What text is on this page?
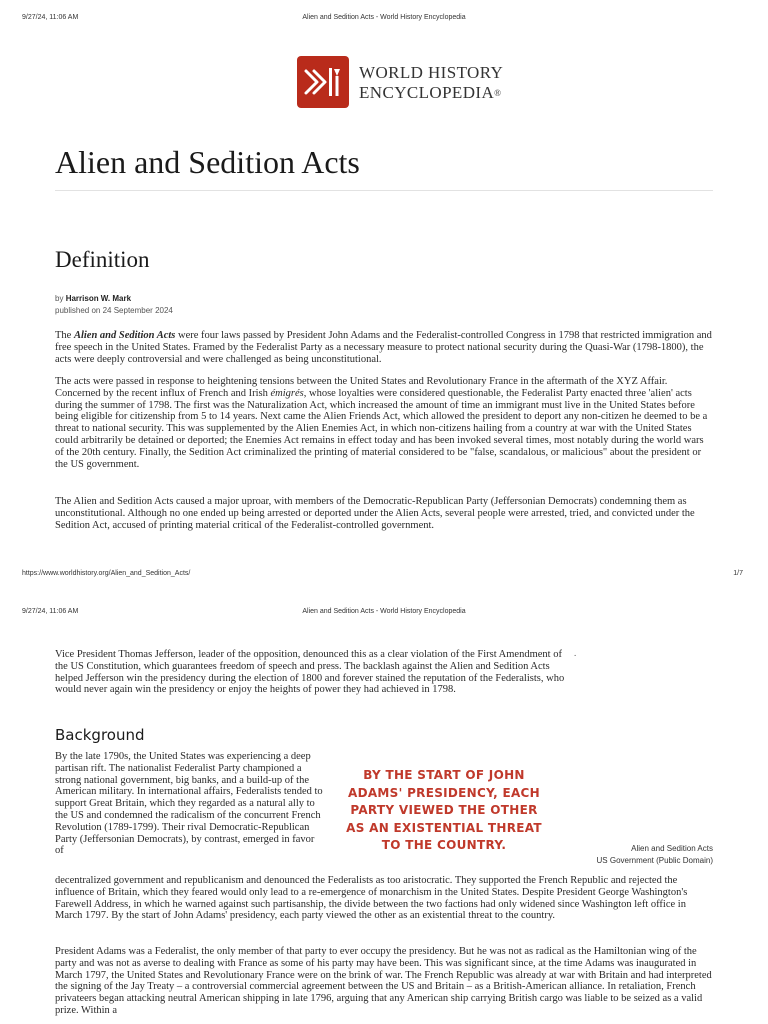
9/27/24, 11:06 AM	Alien and Sedition Acts - World History Encyclopedia
WORLD HISTORY
ENCYCLOPEDIA®
Alien and Sedition Acts
Definition
by Harrison W. Mark
published on 24 September 2024

The Alien and Sedition Acts were four laws passed by President John Adams and the Federalist-controlled Congress in 1798 that restricted immigration and free speech in the United States. Framed by the Federalist Party as a necessary measure to protect national security during the Quasi-War (1798-1800), the acts were deeply controversial and were challenged as being unconstitutional.

The acts were passed in response to heightening tensions between the United States and Revolutionary France in the aftermath of the XYZ Affair. Concerned by the recent influx of French and Irish émigrés, whose loyalties were considered questionable, the Federalist Party enacted three 'alien' acts during the summer of 1798. The first was the Naturalization Act, which increased the amount of time an immigrant must live in the United States before being eligible for citizenship from 5 to 14 years. Next came the Alien Friends Act, which allowed the president to deport any non-citizen he deemed to be a threat to national security. This was supplemented by the Alien Enemies Act, in which non-citizens hailing from a country at war with the United States could arbitrarily be detained or deported; the Enemies Act remains in effect today and has been invoked several times, most notably during the world wars of the 20th century. Finally, the Sedition Act criminalized the printing of material considered to be "false, scandalous, or malicious" about the president or the US government.

The Alien and Sedition Acts caused a major uproar, with members of the Democratic-Republican Party (Jeffersonian Democrats) condemning them as unconstitutional. Although no one ended up being arrested or deported under the Alien Acts, several people were arrested, tried, and convicted under the Sedition Act, accused of printing material critical of the Federalist-controlled government.

https://www.worldhistory.org/Alien_and_Sedition_Acts/	1/7
9/27/24, 11:06 AM	Alien and Sedition Acts - World History Encyclopedia

Vice President Thomas Jefferson, leader of the opposition, denounced this as a clear violation of the First Amendment of the US Constitution, which guarantees freedom of speech and press. The backlash against the Alien and Sedition Acts helped Jefferson win the presidency during the election of 1800 and forever stained the reputation of the Federalists, who would never again win the presidency or enjoy the heights of power they had achieved in 1798.

.
Background

By the late 1790s, the United States was experiencing a deep partisan rift. The nationalist Federalist Party championed a strong national government, big banks, and a build-up of the American military. In international affairs, Federalists tended to support Great Britain, which they regarded as a natural ally to the US and condemned the radicalism of the concurrent French Revolution (1789-1799). Their rival Democratic-Republican Party (Jeffersonian Democrats), by contrast, emerged in favor of

BY THE START OF JOHN ADAMS' PRESIDENCY, EACH PARTY VIEWED THE OTHER AS AN EXISTENTIAL THREAT TO THE COUNTRY.	Alien and Sedition Acts
US Government (Public Domain)

decentralized government and republicanism and denounced the Federalists as too aristocratic. They supported the French Republic and rejected the influence of Britain, which they feared would only lead to a re-emergence of monarchism in the United States. Despite President George Washington's Farewell Address, in which he warned against such partisanship, the divide between the two factions had only widened since Washington left office in March 1797. By the start of John Adams' presidency, each party viewed the other as an existential threat to the country.

President Adams was a Federalist, the only member of that party to ever occupy the presidency. But he was not as radical as the Hamiltonian wing of the party and was not as averse to dealing with France as some of his party may have been. This was significant since, at the time Adams was inaugurated in March 1797, the United States and Revolutionary France were on the brink of war. The French Republic was already at war with Britain and had interpreted the signing of the Jay Treaty – a controversial commercial agreement between the US and Britain – as a British-American alliance. In retaliation, French privateers began attacking neutral American shipping in late 1796, arguing that any American ship carrying British cargo was liable to be seized as a valid prize. Within a
